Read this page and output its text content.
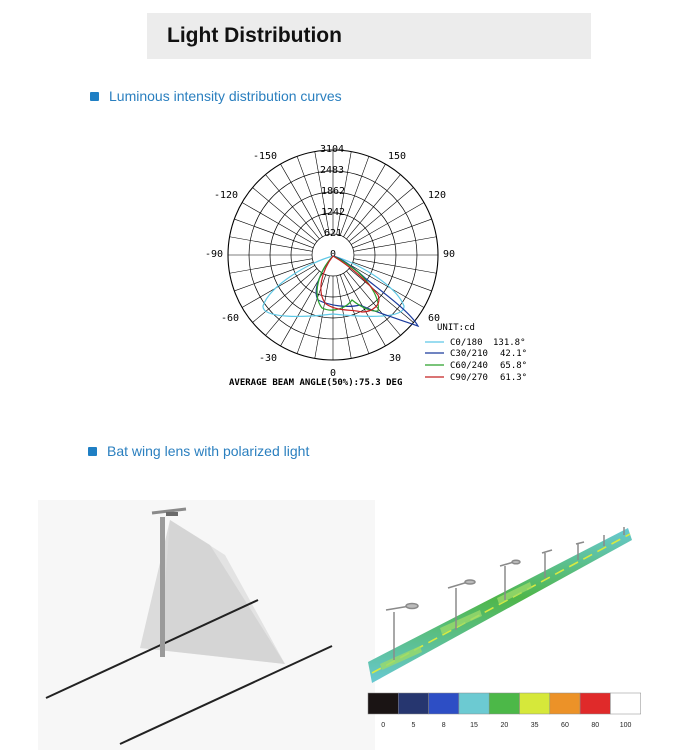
Light Distribution
Luminous intensity distribution curves
Bat wing lens with polarized light
3104
2483
1862
1242
621
0
-150	150
-120	120
-90	90
-60	60
-30	30
0
UNIT:cd
C0/180 131.8°
C30/210 42.1°
C60/240 65.8°
C90/270 61.3°
AVERAGE BEAM ANGLE(50%):75.3 DEG
0	5	8	15	20	35	60	80	100
